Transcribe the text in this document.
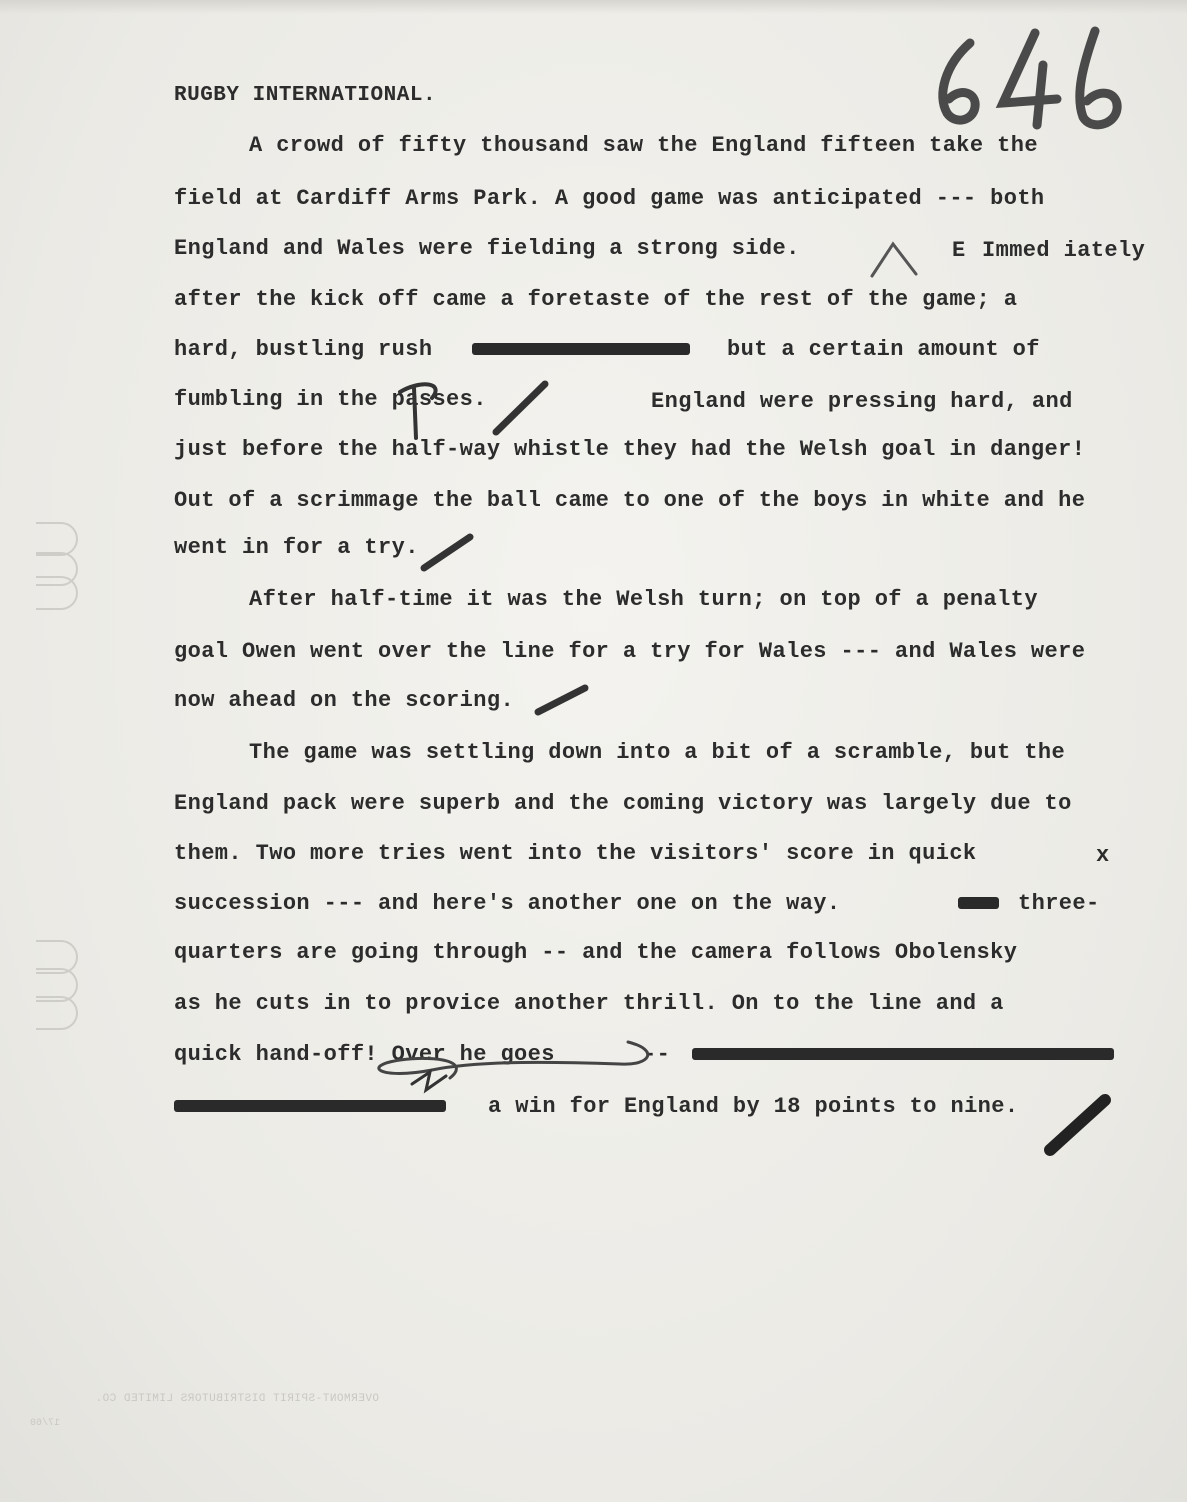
RUGBY INTERNATIONAL.
A crowd of fifty thousand saw the England fifteen take the
field at Cardiff Arms Park. A good game was anticipated --- both
England and Wales were fielding a strong side.	E Immed iately
after the kick off came a foretaste of the rest of the game; a
hard, bustling rush	but a certain amount of
fumbling in the passes.	England were pressing hard, and
just before the half-way whistle they had the Welsh goal in danger!
Out of a scrimmage the ball came to one of the boys in white and he
went in for a try.
After half-time it was the Welsh turn; on top of a penalty
goal Owen went over the line for a try for Wales --- and Wales were
now ahead on the scoring.
The game was settling down into a bit of a scramble, but the
England pack were superb and the coming victory was largely due to
them. Two more tries went into the visitors' score in quick	x
succession --- and here's another one on the way.	three-
quarters are going through -- and the camera follows Obolensky
as he cuts in to provice another thrill. On to the line and a
quick hand-off! Over he goes	--
a win for England by 18 points to nine.
OVERMONT-SPIRIT DISTRIBUTORS LIMITED CO.
17/60
